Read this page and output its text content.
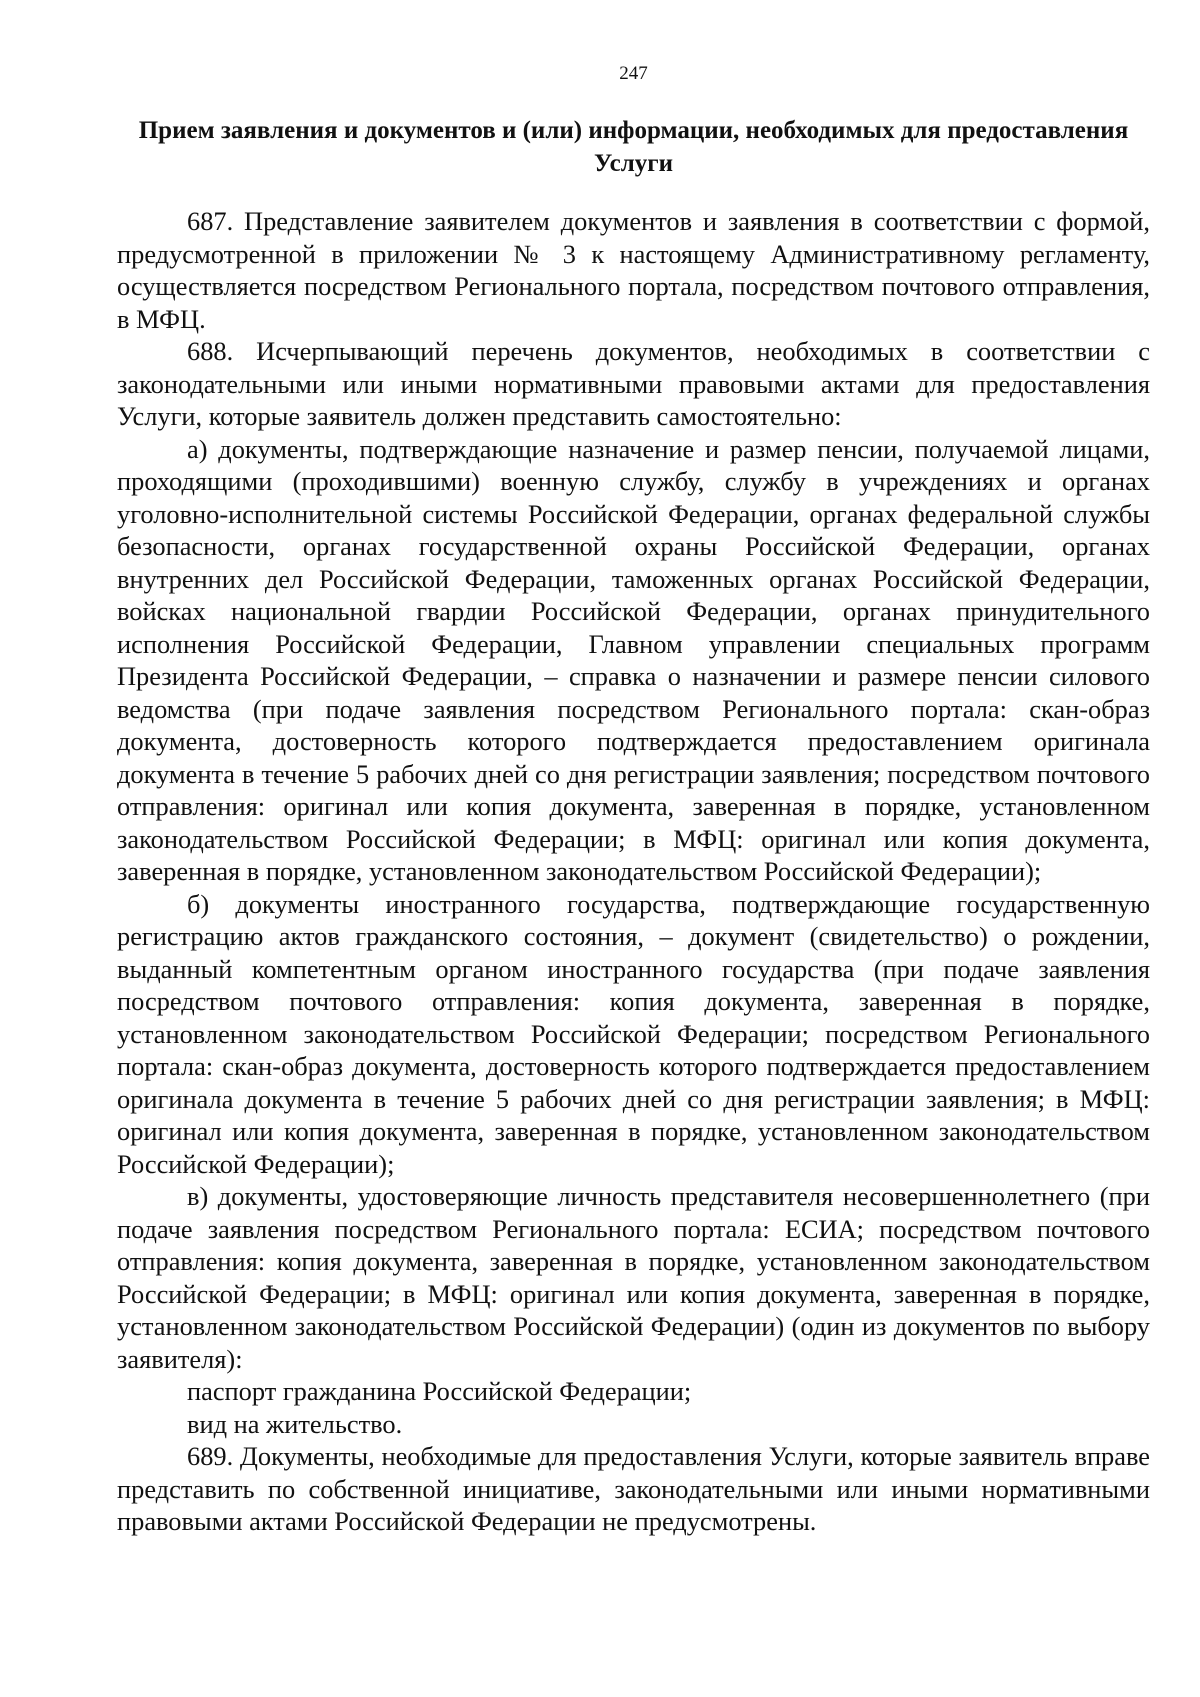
247
Прием заявления и документов и (или) информации, необходимых для предоставления Услуги

687. Представление заявителем документов и заявления в соответствии с формой, предусмотренной в приложении № 3 к настоящему Административному регламенту, осуществляется посредством Регионального портала, посредством почтового отправления, в МФЦ.

688. Исчерпывающий перечень документов, необходимых в соответствии с законодательными или иными нормативными правовыми актами для предоставления Услуги, которые заявитель должен представить самостоятельно:

а) документы, подтверждающие назначение и размер пенсии, получаемой лицами, проходящими (проходившими) военную службу, службу в учреждениях и органах уголовно-исполнительной системы Российской Федерации, органах федеральной службы безопасности, органах государственной охраны Российской Федерации, органах внутренних дел Российской Федерации, таможенных органах Российской Федерации, войсках национальной гвардии Российской Федерации, органах принудительного исполнения Российской Федерации, Главном управлении специальных программ Президента Российской Федерации, – справка о назначении и размере пенсии силового ведомства (при подаче заявления посредством Регионального портала: скан-образ документа, достоверность которого подтверждается предоставлением оригинала документа в течение 5 рабочих дней со дня регистрации заявления; посредством почтового отправления: оригинал или копия документа, заверенная в порядке, установленном законодательством Российской Федерации; в МФЦ: оригинал или копия документа, заверенная в порядке, установленном законодательством Российской Федерации);

б) документы иностранного государства, подтверждающие государственную регистрацию актов гражданского состояния, – документ (свидетельство) о рождении, выданный компетентным органом иностранного государства (при подаче заявления посредством почтового отправления: копия документа, заверенная в порядке, установленном законодательством Российской Федерации; посредством Регионального портала: скан-образ документа, достоверность которого подтверждается предоставлением оригинала документа в течение 5 рабочих дней со дня регистрации заявления; в МФЦ: оригинал или копия документа, заверенная в порядке, установленном законодательством Российской Федерации);

в) документы, удостоверяющие личность представителя несовершеннолетнего (при подаче заявления посредством Регионального портала: ЕСИА; посредством почтового отправления: копия документа, заверенная в порядке, установленном законодательством Российской Федерации; в МФЦ: оригинал или копия документа, заверенная в порядке, установленном законодательством Российской Федерации) (один из документов по выбору заявителя):

паспорт гражданина Российской Федерации;

вид на жительство.

689. Документы, необходимые для предоставления Услуги, которые заявитель вправе представить по собственной инициативе, законодательными или иными нормативными правовыми актами Российской Федерации не предусмотрены.
